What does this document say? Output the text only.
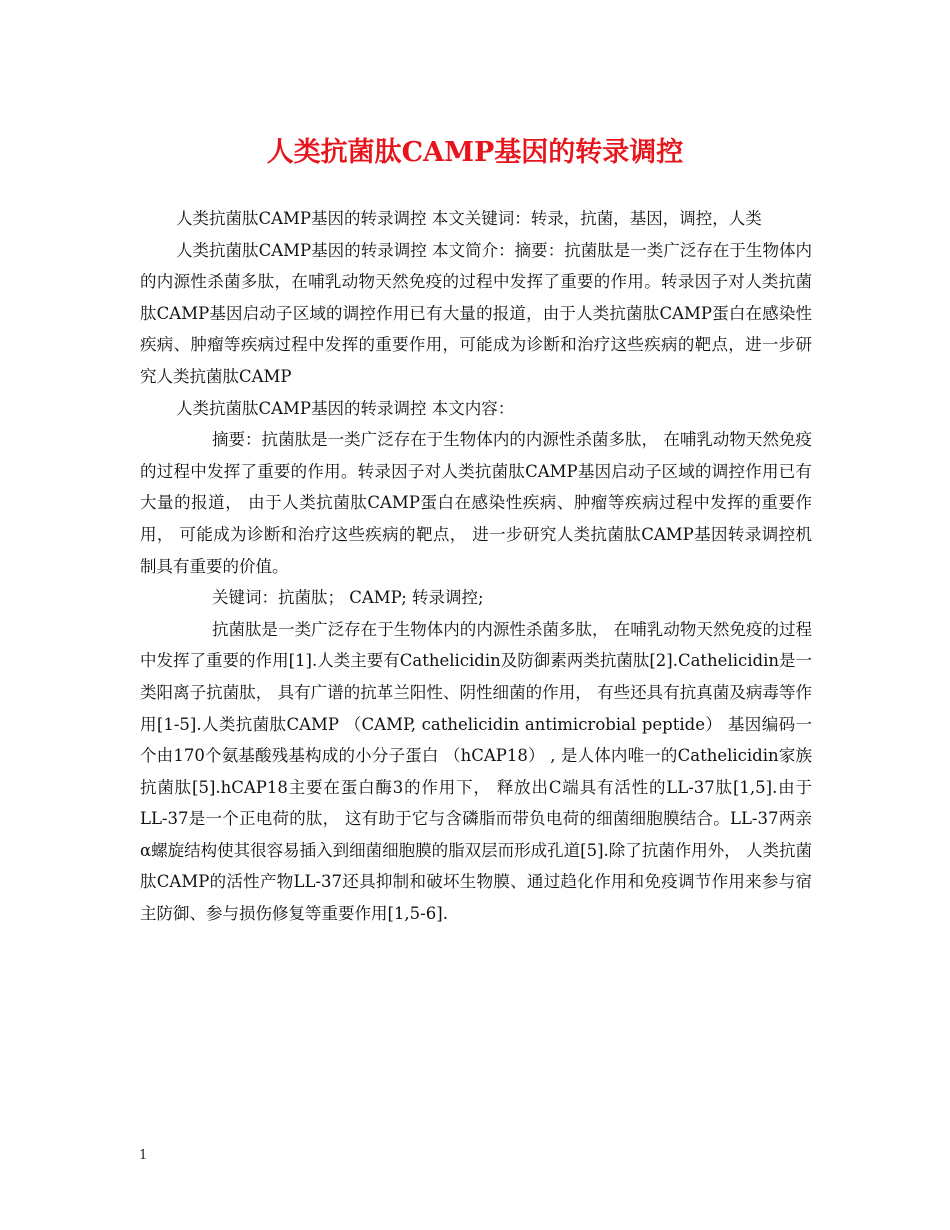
人类抗菌肽CAMP基因的转录调控

人类抗菌肽CAMP基因的转录调控 本文关键词：转录，抗菌，基因，调控，人类

人类抗菌肽CAMP基因的转录调控 本文简介：摘要：抗菌肽是一类广泛存在于生物体内的内源性杀菌多肽，在哺乳动物天然免疫的过程中发挥了重要的作用。转录因子对人类抗菌肽CAMP基因启动子区域的调控作用已有大量的报道，由于人类抗菌肽CAMP蛋白在感染性疾病、肿瘤等疾病过程中发挥的重要作用，可能成为诊断和治疗这些疾病的靶点，进一步研究人类抗菌肽CAMP

人类抗菌肽CAMP基因的转录调控 本文内容：

摘要：抗菌肽是一类广泛存在于生物体内的内源性杀菌多肽， 在哺乳动物天然免疫的过程中发挥了重要的作用。转录因子对人类抗菌肽CAMP基因启动子区域的调控作用已有大量的报道， 由于人类抗菌肽CAMP蛋白在感染性疾病、肿瘤等疾病过程中发挥的重要作用， 可能成为诊断和治疗这些疾病的靶点， 进一步研究人类抗菌肽CAMP基因转录调控机制具有重要的价值。

关键词：抗菌肽； CAMP; 转录调控;

抗菌肽是一类广泛存在于生物体内的内源性杀菌多肽， 在哺乳动物天然免疫的过程中发挥了重要的作用[1].人类主要有Cathelicidin及防御素两类抗菌肽[2].Cathelicidin是一类阳离子抗菌肽， 具有广谱的抗革兰阳性、阴性细菌的作用， 有些还具有抗真菌及病毒等作用[1-5].人类抗菌肽CAMP （CAMP, cathelicidin antimicrobial peptide） 基因编码一个由170个氨基酸残基构成的小分子蛋白 （hCAP18） , 是人体内唯一的Cathelicidin家族抗菌肽[5].hCAP18主要在蛋白酶3的作用下， 释放出C端具有活性的LL-37肽[1,5].由于LL-37是一个正电荷的肽， 这有助于它与含磷脂而带负电荷的细菌细胞膜结合。LL-37两亲α螺旋结构使其很容易插入到细菌细胞膜的脂双层而形成孔道[5].除了抗菌作用外， 人类抗菌肽CAMP的活性产物LL-37还具抑制和破坏生物膜、通过趋化作用和免疫调节作用来参与宿主防御、参与损伤修复等重要作用[1,5-6].

1
